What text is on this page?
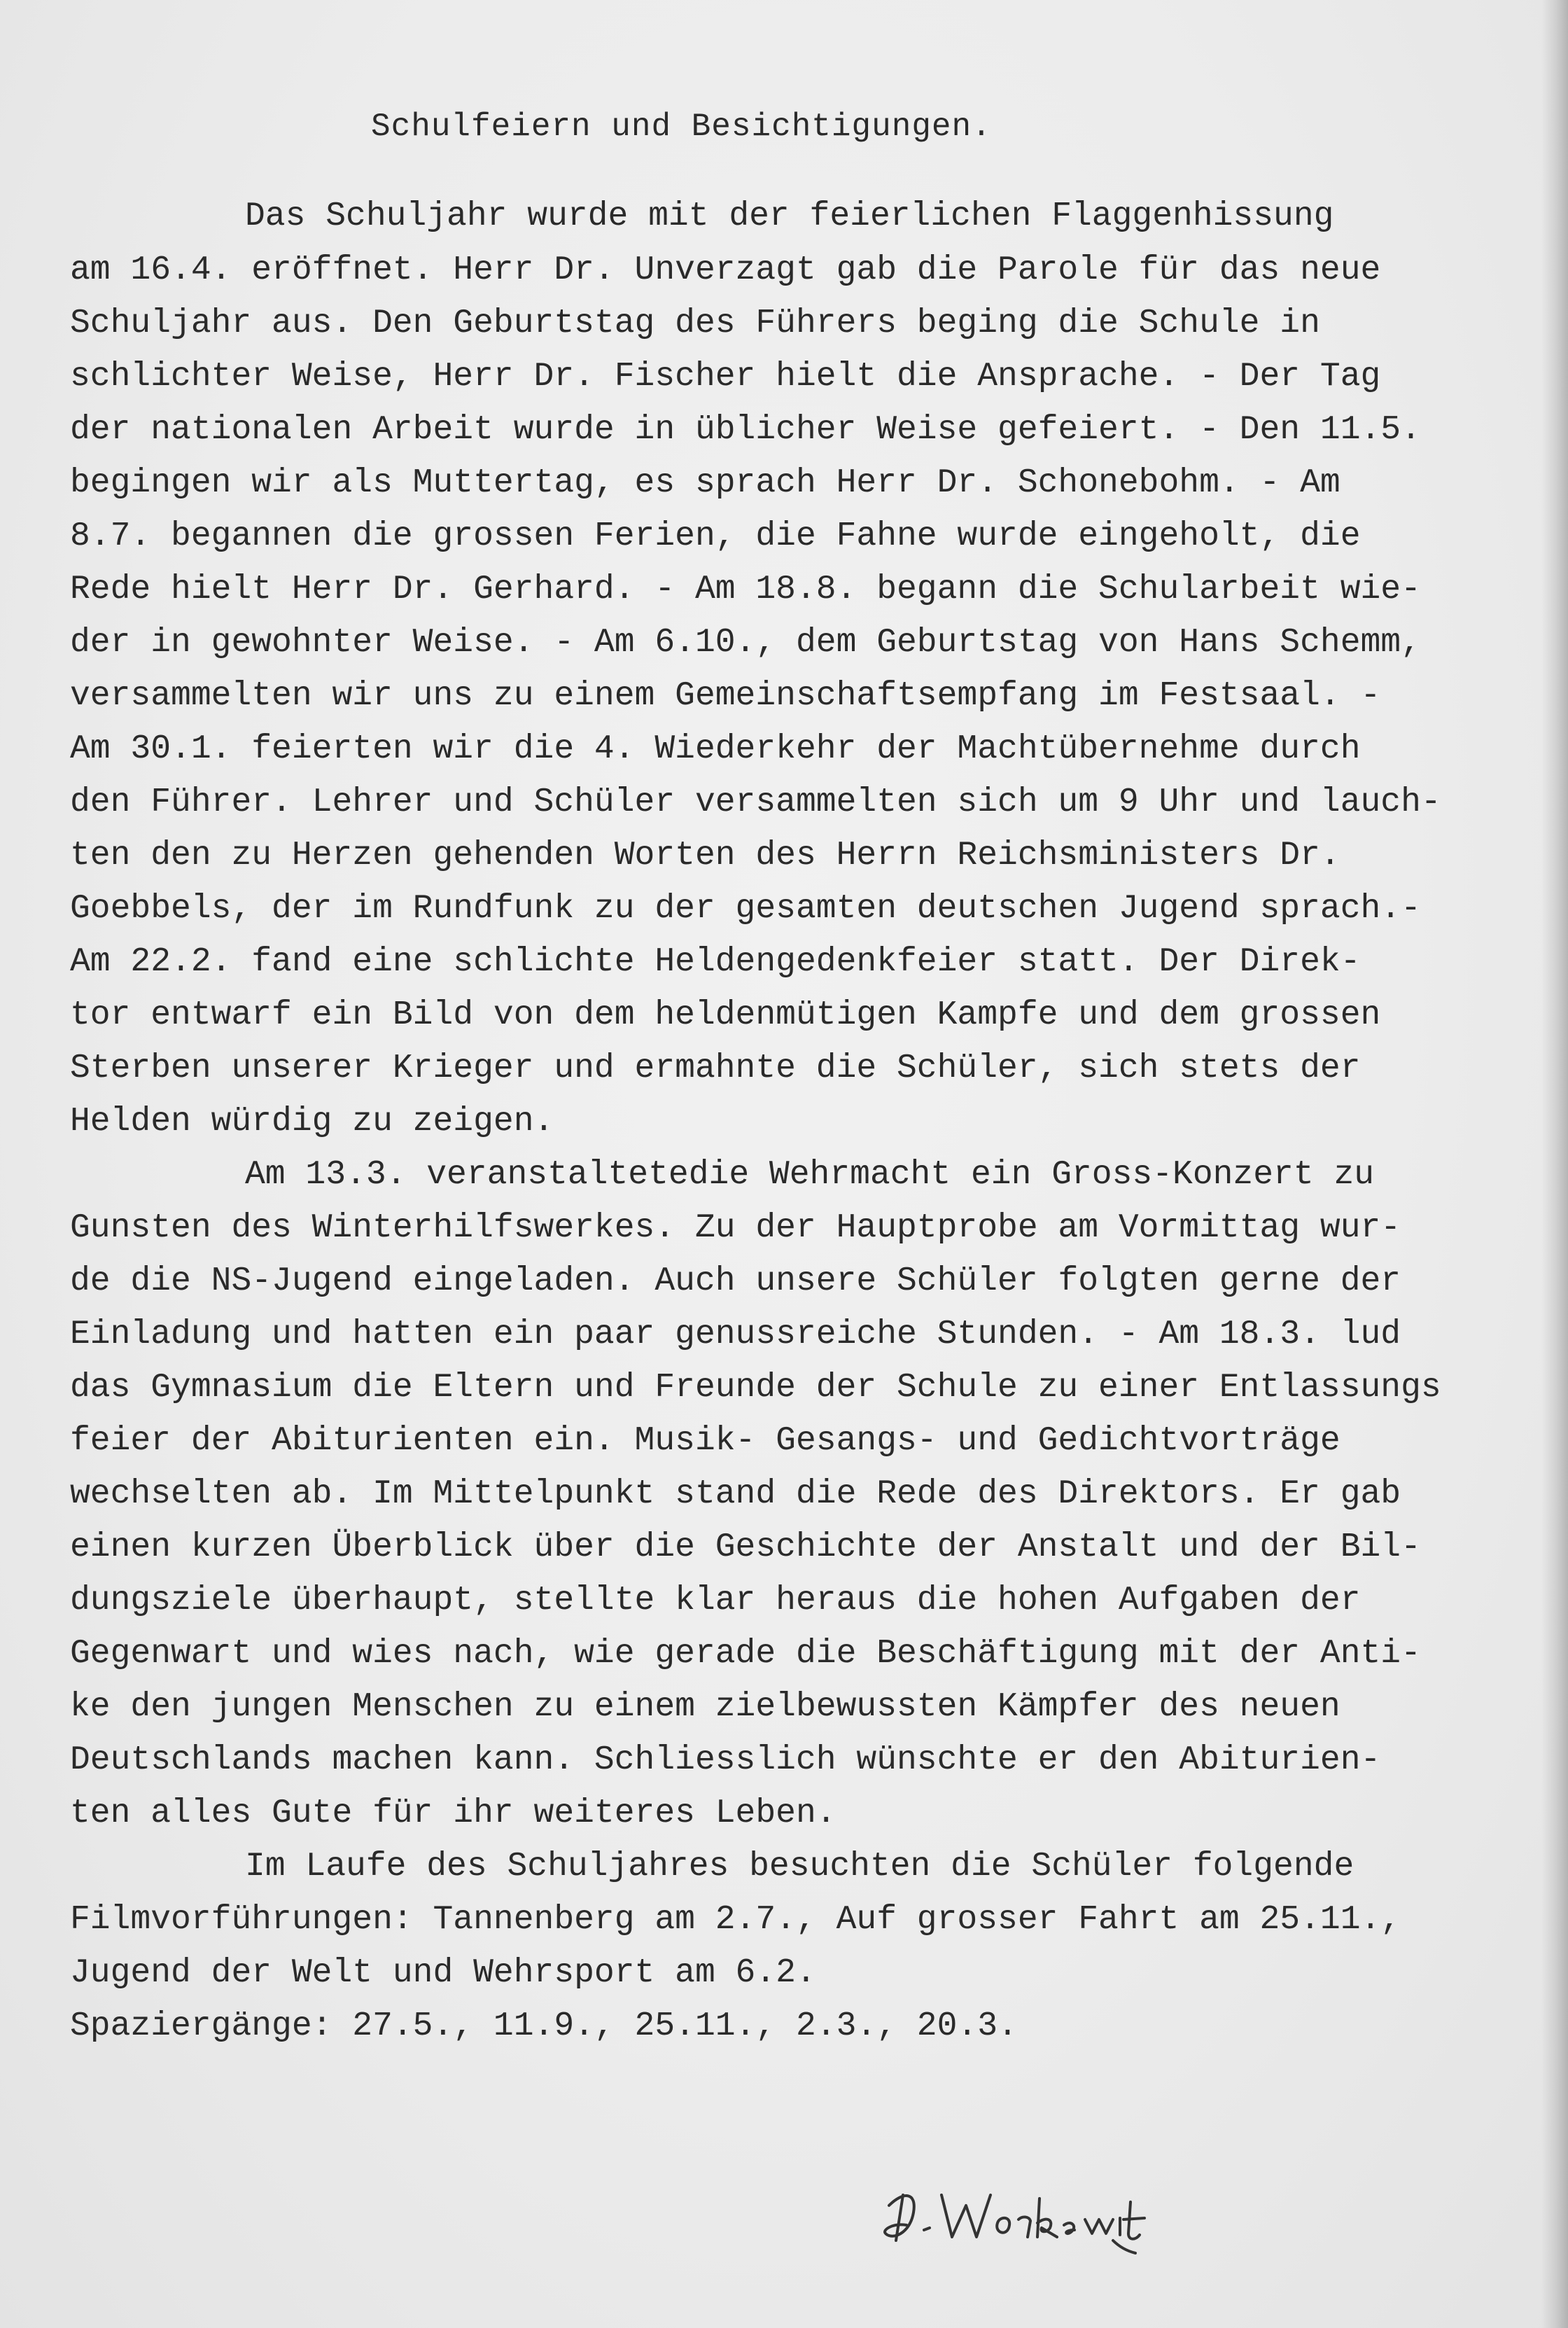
Schulfeiern und Besichtigungen.
Das Schuljahr wurde mit der feierlichen Flaggenhissung
am 16.4. eröffnet. Herr Dr. Unverzagt gab die Parole für das neue
Schuljahr aus. Den Geburtstag des Führers beging die Schule in
schlichter Weise, Herr Dr. Fischer hielt die Ansprache. - Der Tag
der nationalen Arbeit wurde in üblicher Weise gefeiert. - Den 11.5.
begingen wir als Muttertag, es sprach Herr Dr. Schonebohm. - Am
8.7. begannen die grossen Ferien, die Fahne wurde eingeholt, die
Rede hielt Herr Dr. Gerhard. - Am 18.8. begann die Schularbeit wie-
der in gewohnter Weise. - Am 6.10., dem Geburtstag von Hans Schemm,
versammelten wir uns zu einem Gemeinschaftsempfang im Festsaal. -
Am 30.1. feierten wir die 4. Wiederkehr der Machtübernehme durch
den Führer. Lehrer und Schüler versammelten sich um 9 Uhr und lauch-
ten den zu Herzen gehenden Worten des Herrn Reichsministers Dr.
Goebbels, der im Rundfunk zu der gesamten deutschen Jugend sprach.-
Am 22.2. fand eine schlichte Heldengedenkfeier statt. Der Direk-
tor entwarf ein Bild von dem heldenmütigen Kampfe und dem grossen
Sterben unserer Krieger und ermahnte die Schüler, sich stets der
Helden würdig zu zeigen.
Am 13.3. veranstaltetedie Wehrmacht ein Gross-Konzert zu
Gunsten des Winterhilfswerkes. Zu der Hauptprobe am Vormittag wur-
de die NS-Jugend eingeladen. Auch unsere Schüler folgten gerne der
Einladung und hatten ein paar genussreiche Stunden. - Am 18.3. lud
das Gymnasium die Eltern und Freunde der Schule zu einer Entlassungs
feier der Abiturienten ein. Musik- Gesangs- und Gedichtvorträge
wechselten ab. Im Mittelpunkt stand die Rede des Direktors. Er gab
einen kurzen Überblick über die Geschichte der Anstalt und der Bil-
dungsziele überhaupt, stellte klar heraus die hohen Aufgaben der
Gegenwart und wies nach, wie gerade die Beschäftigung mit der Anti-
ke den jungen Menschen zu einem zielbewussten Kämpfer des neuen
Deutschlands machen kann. Schliesslich wünschte er den Abiturien-
ten alles Gute für ihr weiteres Leben.
Im Laufe des Schuljahres besuchten die Schüler folgende
Filmvorführungen: Tannenberg am 2.7., Auf grosser Fahrt am 25.11.,
Jugend der Welt und Wehrsport am 6.2.
Spaziergänge: 27.5., 11.9., 25.11., 2.3., 20.3.
